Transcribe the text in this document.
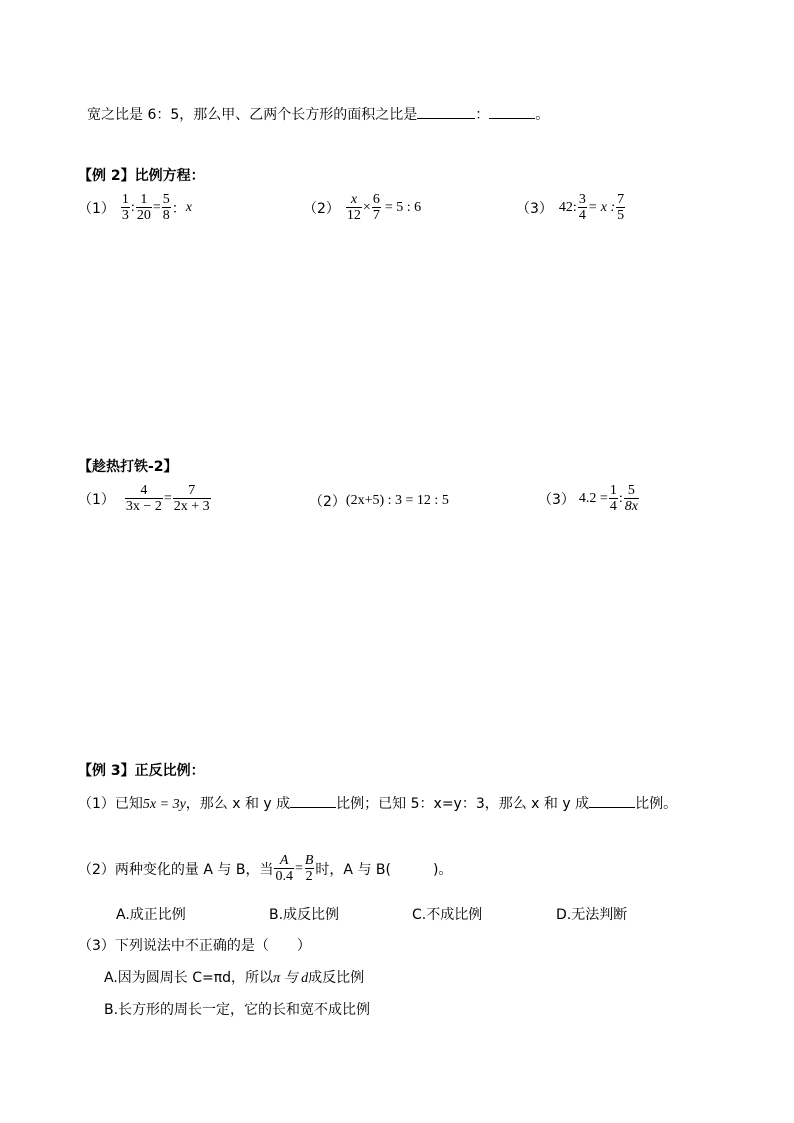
宽之比是 6：5，那么甲、乙两个长方形的面积之比是	：	。
【例 2】比例方程：
$(1) \frac{1}{3}$ : $\frac{1}{20} = \frac{5}{8}$ ： x	$(2) \frac{x}{12} \times \frac{6}{7} = 5$ : 6	（3） 42: $\frac{3}{4} = x$ : $\frac{7}{5}$
【趁热打铁-2】
$(1) \frac{4}{3x - 2} = \frac{7}{2x + 3}$	（2） (2x+5) : 3 = 12 : 5	（3） $4.2 = \frac{1}{4}$ : $\frac{5}{8x}$
【例 3】正反比例：
（1）已知5x = 3y，那么 x 和 y 成	比例；已知 5：x=y：3，那么 x 和 y 成	比例。
（2）两种变化的量 A 与 B，当 $\frac{A}{0.4} = \frac{B}{2}$ 时，A 与 B(　　　)。
A.成正比例	B.成反比例	C.不成比例	D.无法判断
（3）下列说法中不正确的是（　　）
A.因为圆周长 C=πd，所以π 与 d成反比例
B.长方形的周长一定，它的长和宽不成比例
